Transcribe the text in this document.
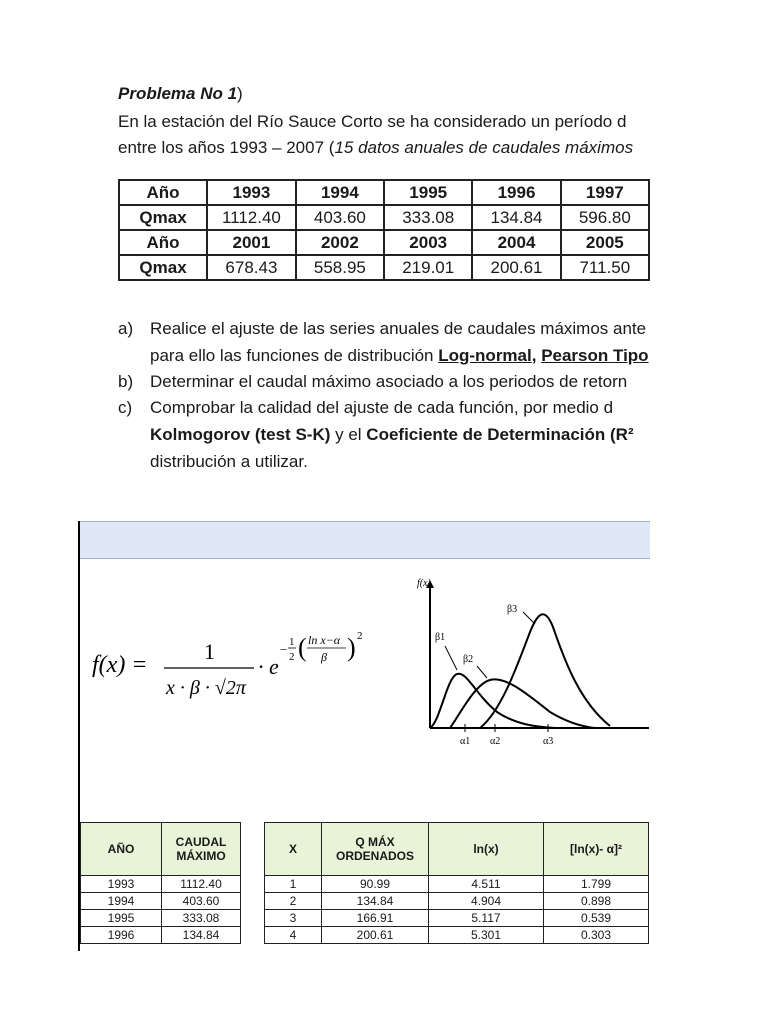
Problema No 1)
En la estación del Río Sauce Corto se ha considerado un período d
entre los años 1993 – 2007 (15 datos anuales de caudales máximos
Año	1993	1994	1995	1996	1997
Qmax	1112.40	403.60	333.08	134.84	596.80
Año	2001	2002	2003	2004	2005
Qmax	678.43	558.95	219.01	200.61	711.50
a) Realice el ajuste de las series anuales de caudales máximos ante
para ello las funciones de distribución Log-normal, Pearson Tipo
b) Determinar el caudal máximo asociado a los periodos de retorn
c) Comprobar la calidad del ajuste de cada función, por medio d
Kolmogorov (test S-K) y el Coeficiente de Determinación (R²
distribución a utilizar.
f(x) =
1
x · β · √2π
· e
− 1
2 ( ln x−α
β ) 2
f(x)
β1
α1
β2
α2
β3
α3
AÑO	CAUDAL MÁXIMO
1993	1112.40
1994	403.60
1995	333.08
1996	134.84
X	Q MÁX ORDENADOS	ln(x)	[ln(x)- α]²
1	90.99	4.511	1.799
2	134.84	4.904	0.898
3	166.91	5.117	0.539
4	200.61	5.301	0.303
